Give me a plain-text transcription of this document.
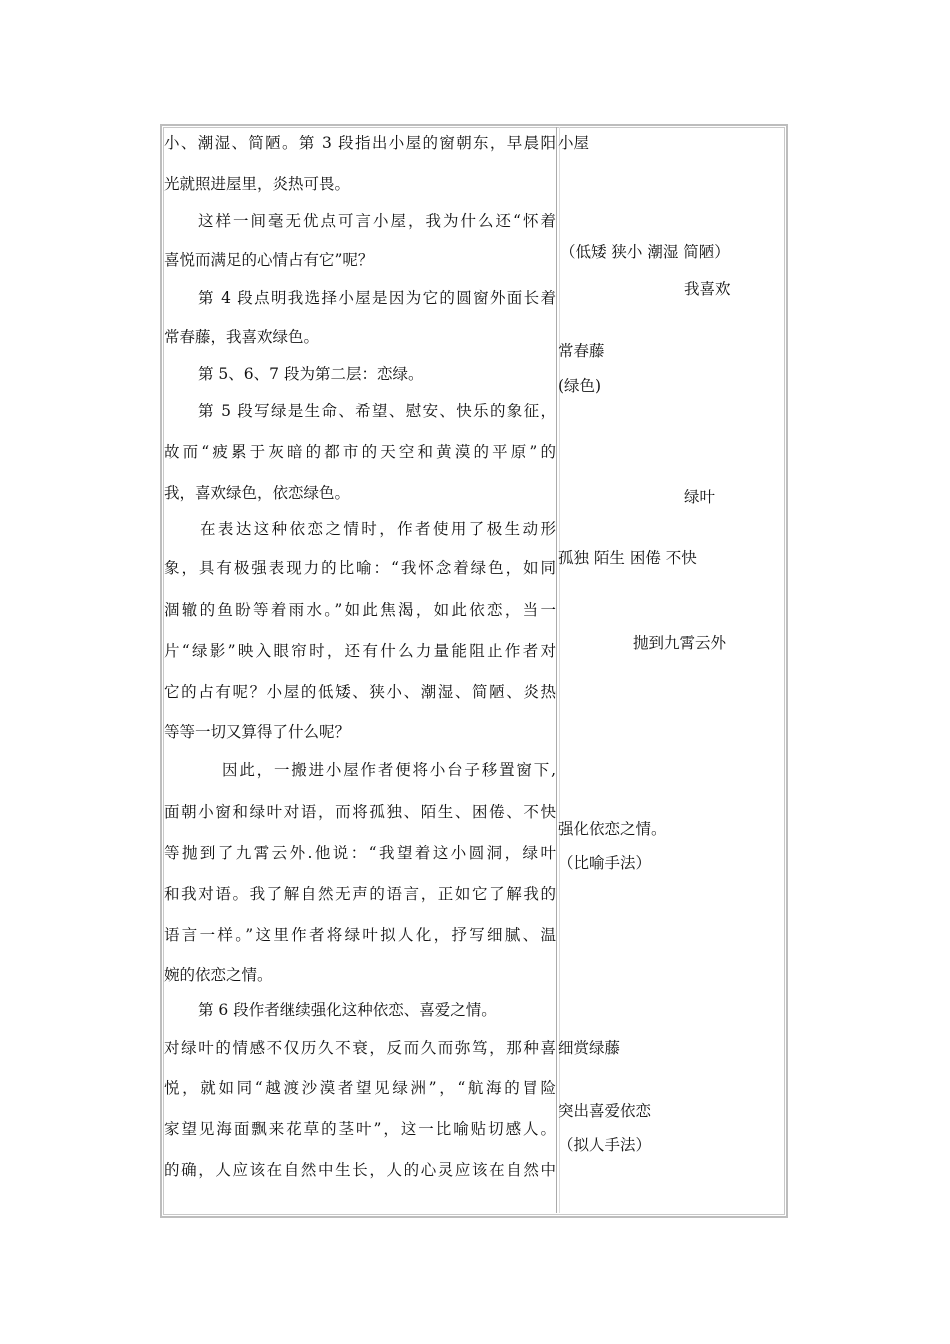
小、潮湿、简陋。第 3 段指出小屋的窗朝东，早晨阳
光就照进屋里，炎热可畏。
这样一间毫无优点可言小屋，我为什么还“怀着
喜悦而满足的心情占有它”呢？
第 4 段点明我选择小屋是因为它的圆窗外面长着
常春藤，我喜欢绿色。
第 5、6、7 段为第二层：恋绿。
第 5 段写绿是生命、希望、慰安、快乐的象征，
故而“疲累于灰暗的都市的天空和黄漠的平原”的
我，喜欢绿色，依恋绿色。
在表达这种依恋之情时，作者使用了极生动形
象，具有极强表现力的比喻：“我怀念着绿色，如同
涸辙的鱼盼等着雨水。”如此焦渴，如此依恋，当一
片“绿影”映入眼帘时，还有什么力量能阻止作者对
它的占有呢？小屋的低矮、狭小、潮湿、简陋、炎热
等等一切又算得了什么呢？
因此，一搬进小屋作者便将小台子移置窗下,
面朝小窗和绿叶对语，而将孤独、陌生、困倦、不快
等抛到了九霄云外.他说：“我望着这小圆洞，绿叶
和我对语。我了解自然无声的语言，正如它了解我的
语言一样。”这里作者将绿叶拟人化，抒写细腻、温
婉的依恋之情。
第 6 段作者继续强化这种依恋、喜爱之情。
对绿叶的情感不仅历久不衰，反而久而弥笃，那种喜
悦，就如同“越渡沙漠者望见绿洲”，“航海的冒险
家望见海面飘来花草的茎叶”，这一比喻贴切感人。
的确，人应该在自然中生长，人的心灵应该在自然中
小屋
（低矮 狭小 潮湿 简陋）
我喜欢
常春藤
(绿色)
绿叶
孤独 陌生 困倦 不快
抛到九霄云外
强化依恋之情。
（比喻手法）
细赏绿藤
突出喜爱依恋
（拟人手法）
